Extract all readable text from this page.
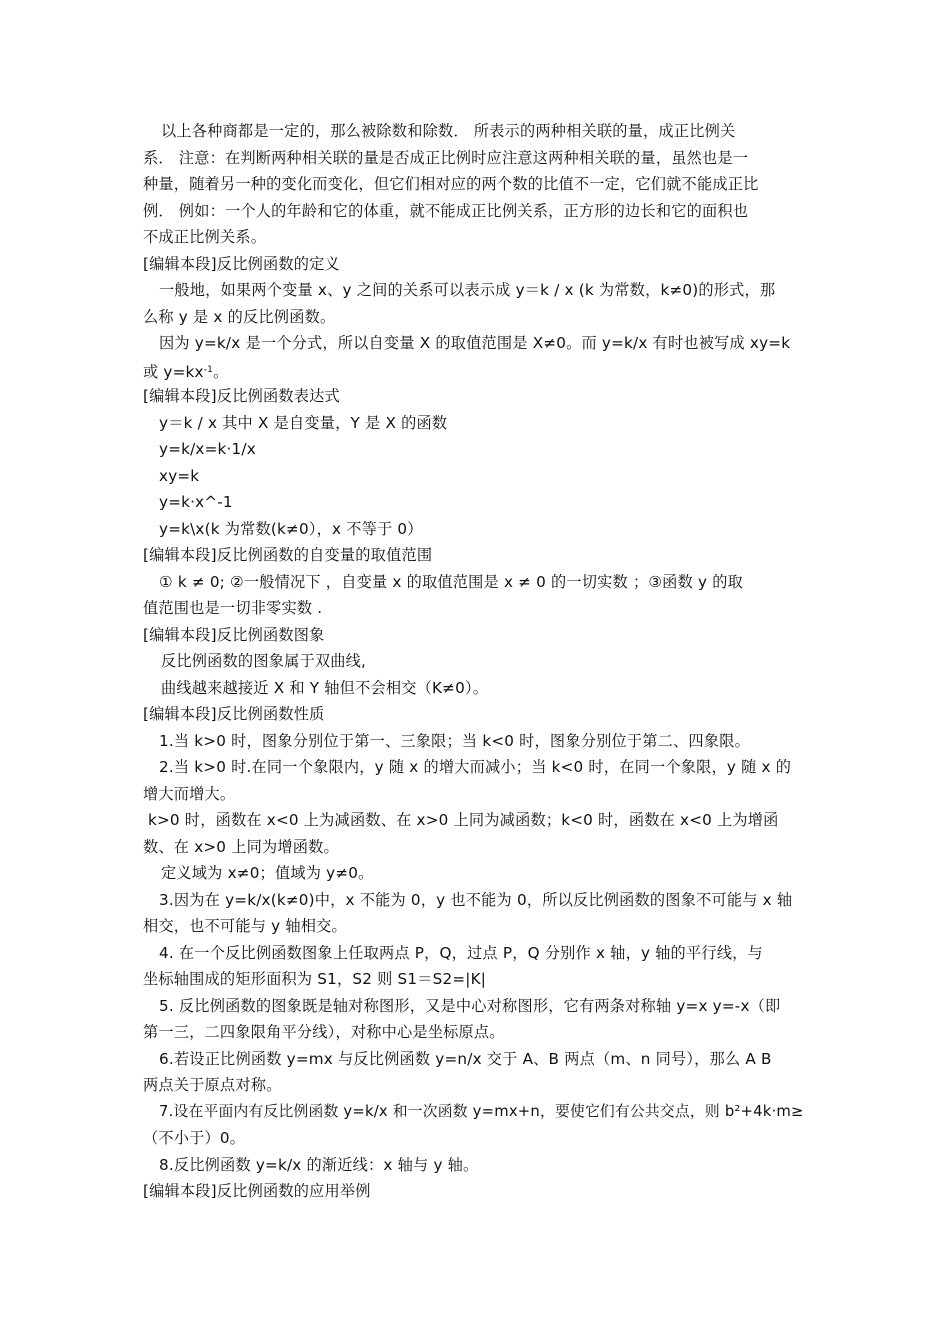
以上各种商都是一定的，那么被除数和除数． 所表示的两种相关联的量，成正比例关
系． 注意：在判断两种相关联的量是否成正比例时应注意这两种相关联的量，虽然也是一
种量，随着另一种的变化而变化，但它们相对应的两个数的比值不一定，它们就不能成正比
例． 例如：一个人的年龄和它的体重，就不能成正比例关系，正方形的边长和它的面积也
不成正比例关系。
[编辑本段]反比例函数的定义
一般地，如果两个变量 x、y 之间的关系可以表示成 y＝k / x (k 为常数，k≠0)的形式，那
么称 y 是 x 的反比例函数。
因为 y=k/x 是一个分式，所以自变量 X 的取值范围是 X≠0。而 y=k/x 有时也被写成 xy=k
或 $y=kx^{-1}$。
[编辑本段]反比例函数表达式
y＝k / x 其中 X 是自变量，Y 是 X 的函数
y=k/x=k·1/x
xy=k
y=k·x^-1
y=k\x(k 为常数(k≠0），x 不等于 0）
[编辑本段]反比例函数的自变量的取值范围
① k ≠ 0; ②一般情况下 ，自变量 x 的取值范围是 x ≠ 0 的一切实数 ；③函数 y 的取
值范围也是一切非零实数 .
[编辑本段]反比例函数图象
反比例函数的图象属于双曲线,
曲线越来越接近 X 和 Y 轴但不会相交（K≠0）。
[编辑本段]反比例函数性质
1.当 k>0 时，图象分别位于第一、三象限；当 k<0 时，图象分别位于第二、四象限。
2.当 k>0 时.在同一个象限内，y 随 x 的增大而减小；当 k<0 时，在同一个象限，y 随 x 的
增大而增大。
k>0 时，函数在 x<0 上为减函数、在 x>0 上同为减函数；k<0 时，函数在 x<0 上为增函
数、在 x>0 上同为增函数。
定义域为 x≠0；值域为 y≠0。
3.因为在 y=k/x(k≠0)中，x 不能为 0，y 也不能为 0，所以反比例函数的图象不可能与 x 轴
相交，也不可能与 y 轴相交。
4. 在一个反比例函数图象上任取两点 P，Q，过点 P，Q 分别作 x 轴，y 轴的平行线，与
坐标轴围成的矩形面积为 S1，S2 则 S1＝S2=|K|
5. 反比例函数的图象既是轴对称图形，又是中心对称图形，它有两条对称轴 y=x y=-x（即
第一三，二四象限角平分线），对称中心是坐标原点。
6.若设正比例函数 y=mx 与反比例函数 y=n/x 交于 A、B 两点（m、n 同号），那么 A B
两点关于原点对称。
7.设在平面内有反比例函数 y=k/x 和一次函数 y=mx+n，要使它们有公共交点，则 b²+4k·m≥
（不小于）0。
8.反比例函数 y=k/x 的渐近线：x 轴与 y 轴。
[编辑本段]反比例函数的应用举例
